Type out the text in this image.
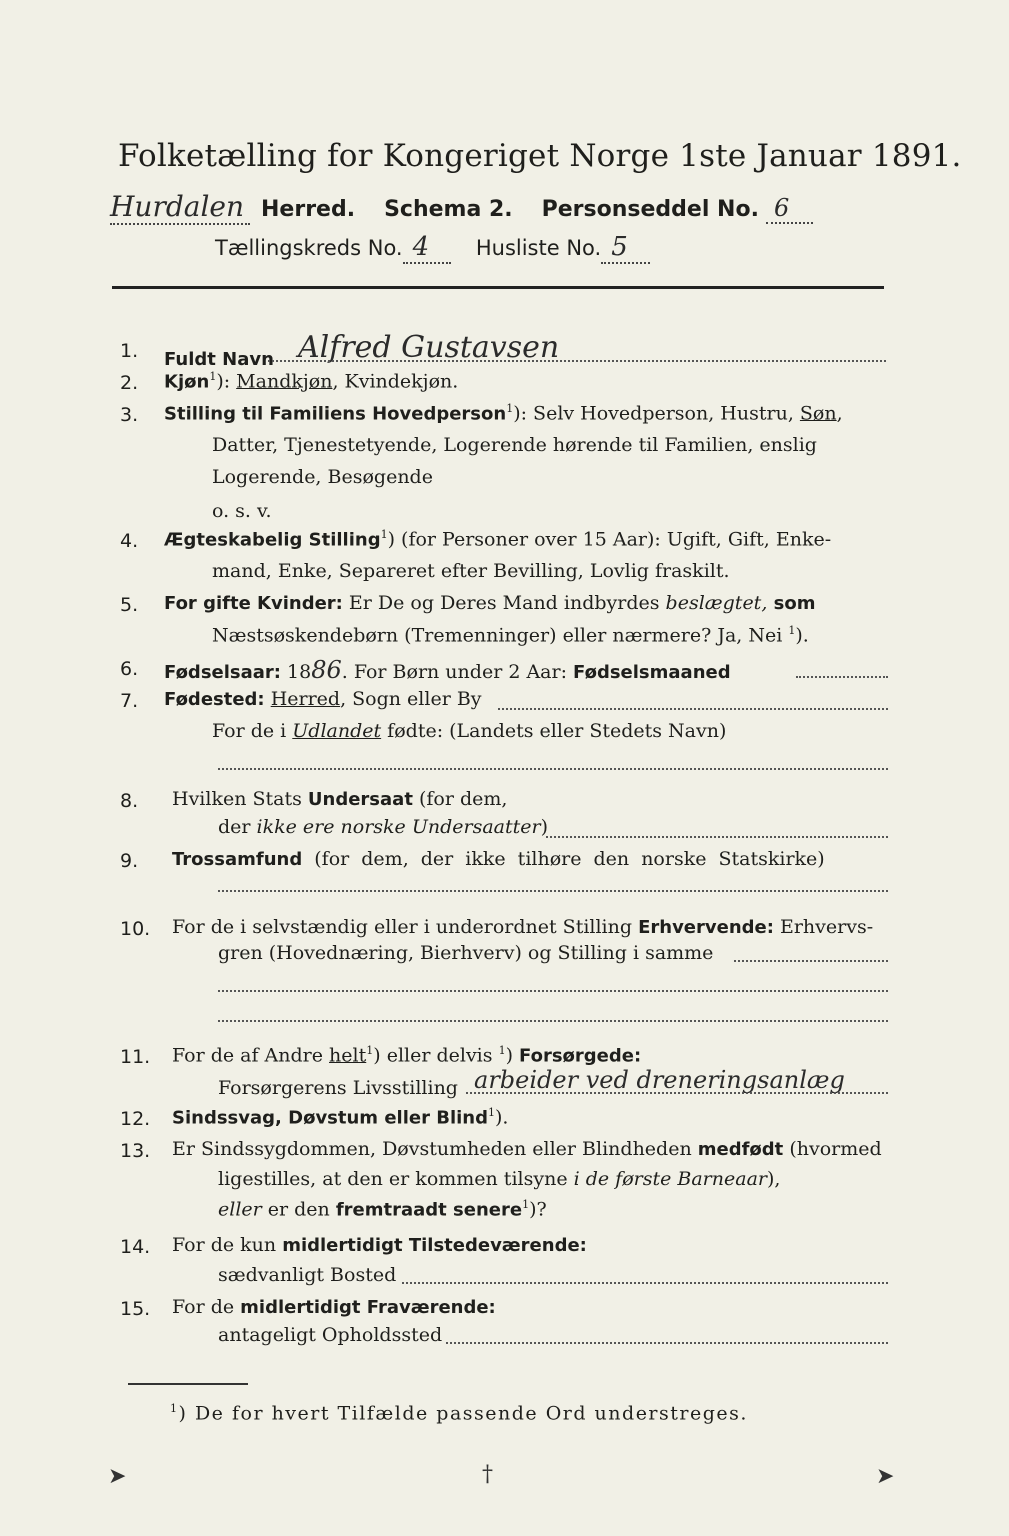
Folketælling for Kongeriget Norge 1ste Januar 1891.
Hurdalen Herred. Schema 2. Personseddel No. 6
Tællingskreds No. 4 Husliste No. 5
1. Fuldt Navn Alfred Gustavsen
2. Kjøn$^1$): Mandkjøn, Kvindekjøn.
3. Stilling til Familiens Hovedperson$^1$): Selv Hovedperson, Hustru, Søn,
Datter, Tjenestetyende, Logerende hørende til Familien, enslig
Logerende, Besøgende
o. s. v.
4. Ægteskabelig Stilling$^1$) (for Personer over 15 Aar): Ugift, Gift, Enke-
mand, Enke, Separeret efter Bevilling, Lovlig fraskilt.
5. For gifte Kvinder: Er De og Deres Mand indbyrdes beslægtet, som
Næstsøskendebørn (Tremenninger) eller nærmere? Ja, Nei $^1$).
6. Fødselsaar: 1886. For Børn under 2 Aar: Fødselsmaaned
7. Fødested: Herred, Sogn eller By
For de i Udlandet fødte: (Landets eller Stedets Navn)
8. Hvilken Stats Undersaat (for dem,
der ikke ere norske Undersaatter)
9. Trossamfund (for dem, der ikke tilhøre den norske Statskirke)
10. For de i selvstændig eller i underordnet Stilling Erhvervende: Erhvervs-
gren (Hovednæring, Bierhverv) og Stilling i samme
11. For de af Andre helt$^1$) eller delvis $^1$) Forsørgede:
Forsørgerens Livsstilling arbeider ved dreneringsanlæg
12. Sindssvag, Døvstum eller Blind$^1$).
13. Er Sindssygdommen, Døvstumheden eller Blindheden medfødt (hvormed
ligestilles, at den er kommen tilsyne i de første Barneaar),
eller er den fremtraadt senere$^1$)?
14. For de kun midlertidigt Tilstedeværende:
sædvanligt Bosted
15. For de midlertidigt Fraværende:
antageligt Opholdssted
$^1$) De for hvert Tilfælde passende Ord understreges.
➤	†	➤
